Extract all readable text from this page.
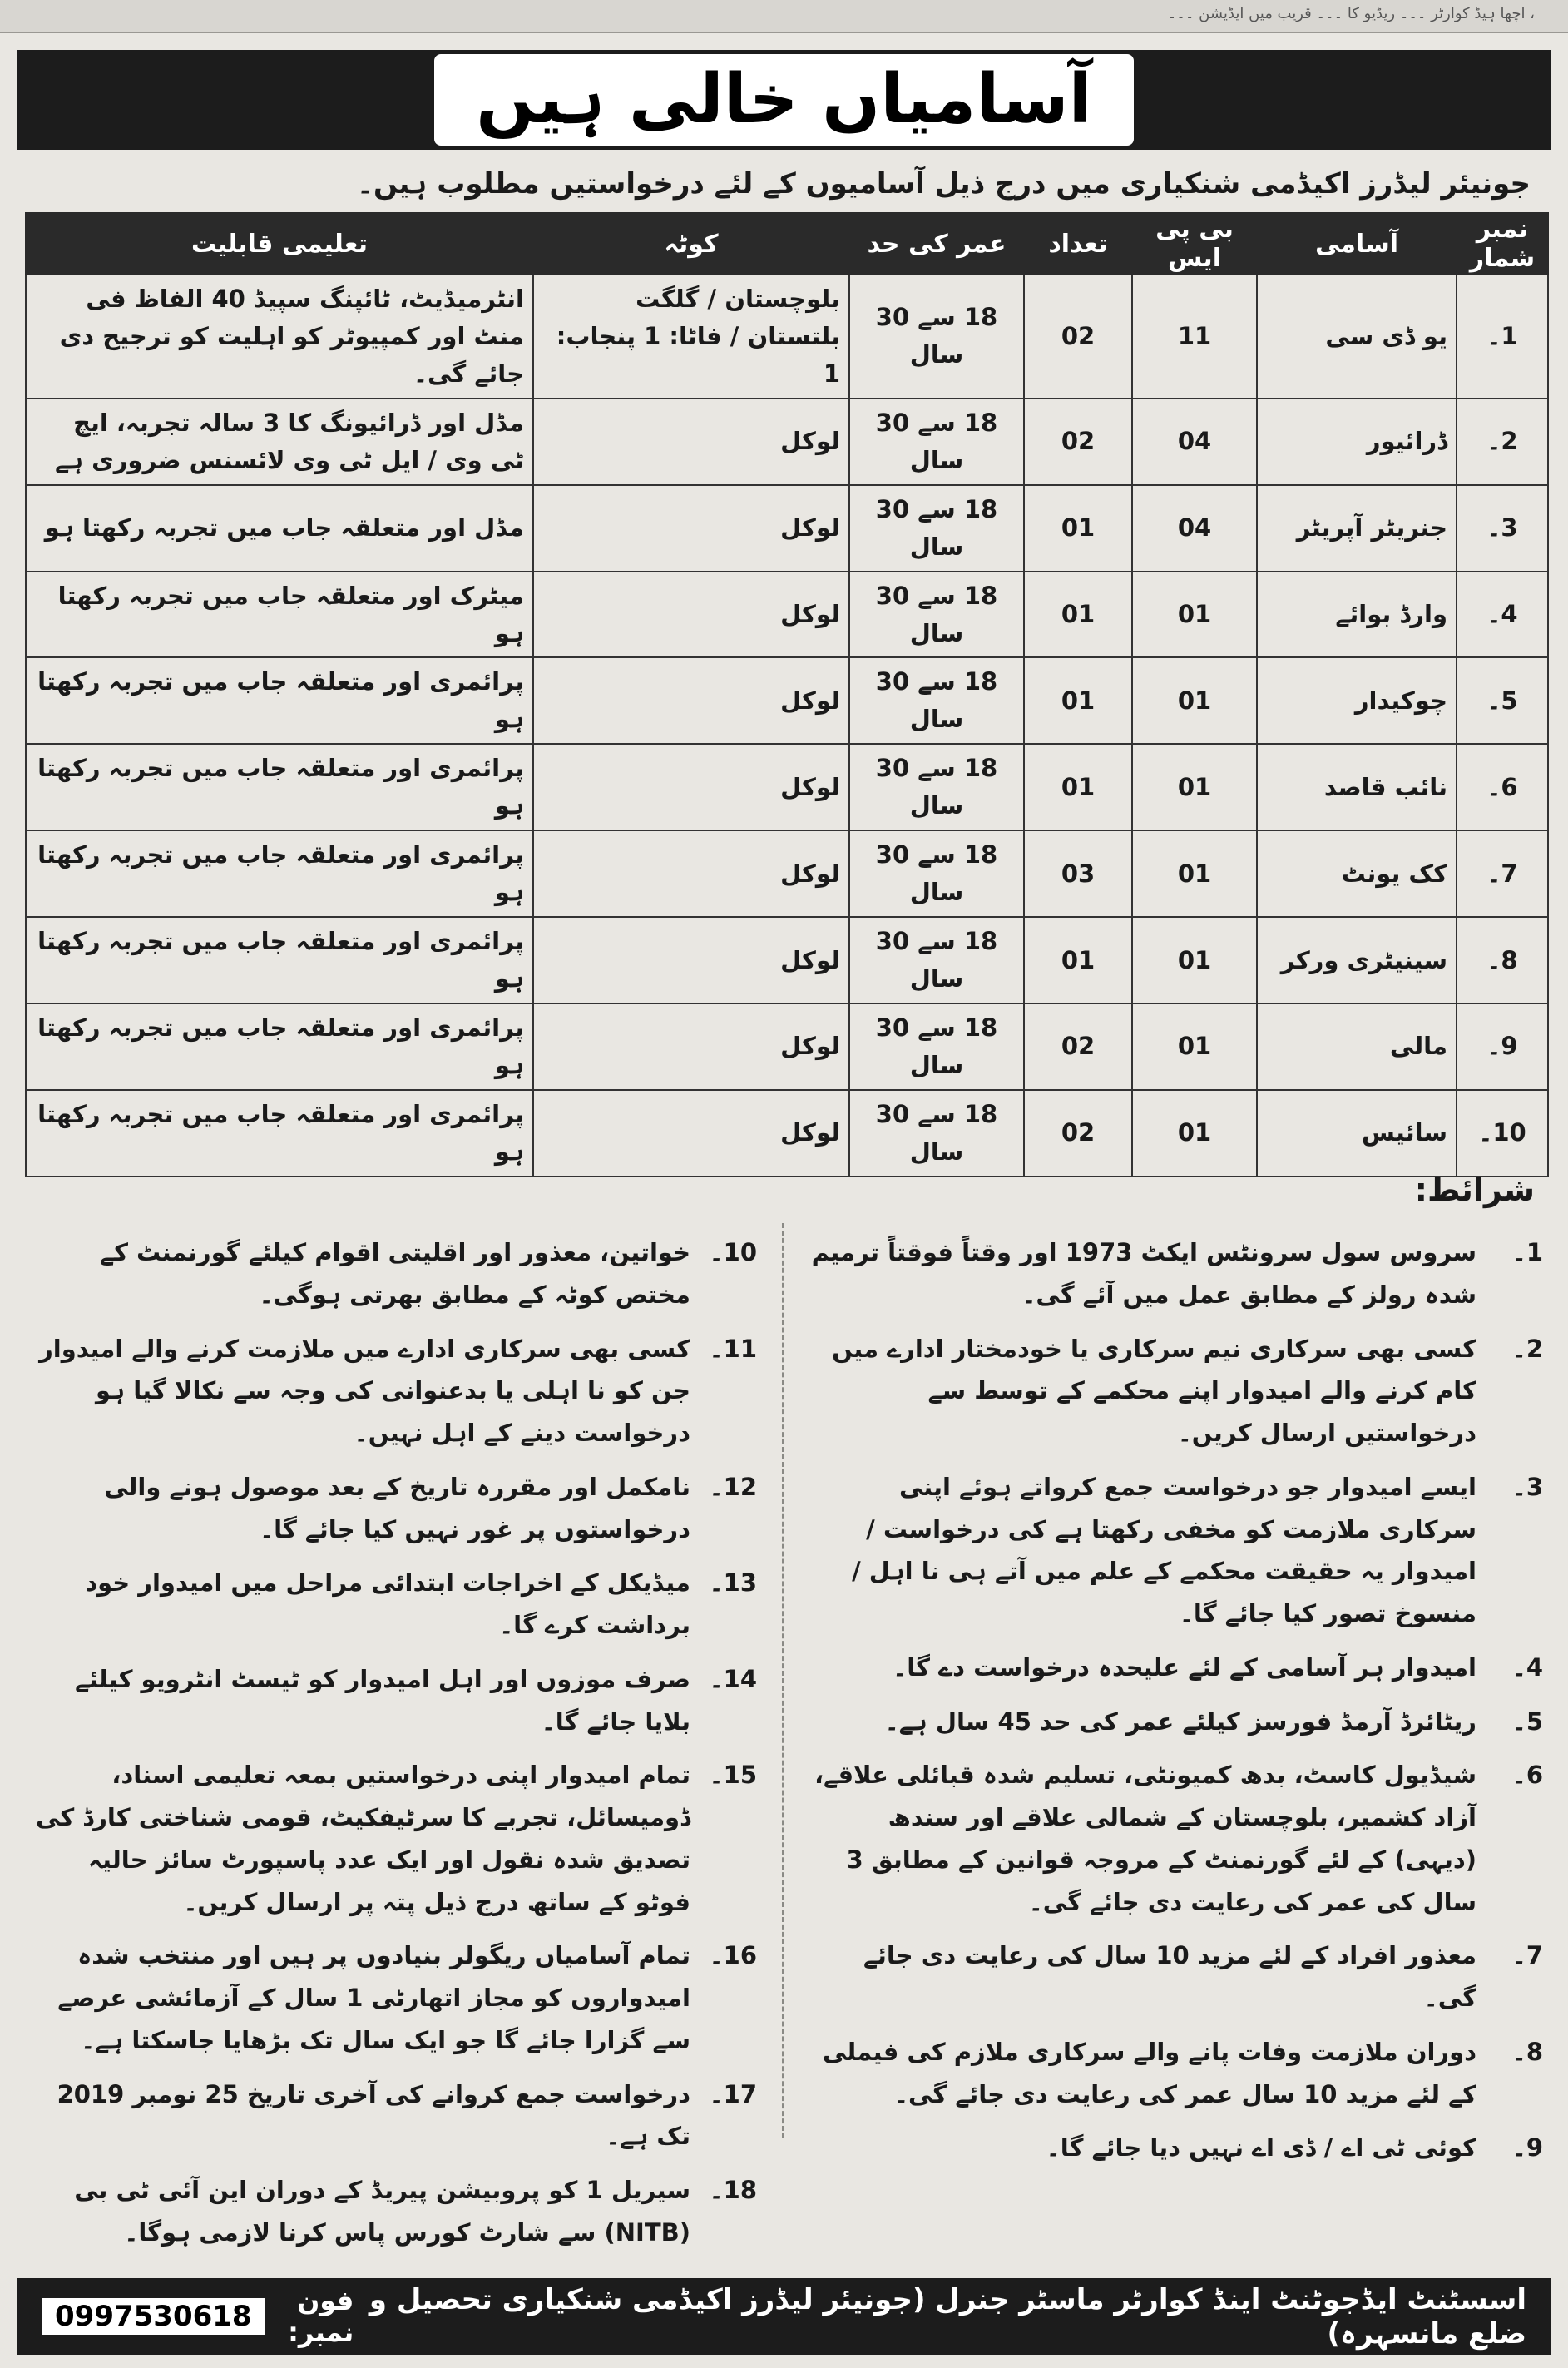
، اچھا ہیڈ کوارٹر ۔۔۔ ریڈیو کا ۔۔۔ قریب میں ایڈیشن ۔۔۔
آسامیاں خالی ہیں
جونیئر لیڈرز اکیڈمی شنکیاری میں درج ذیل آسامیوں کے لئے درخواستیں مطلوب ہیں۔
نمبر شمار	آسامی	بی پی ایس	تعداد	عمر کی حد	کوٹہ	تعلیمی قابلیت
1۔	یو ڈی سی	11	02	18 سے 30 سال	بلوچستان / گلگت بلتستان / فاٹا: 1 پنجاب: 1	انٹرمیڈیٹ، ٹائپنگ سپیڈ 40 الفاظ فی منٹ اور کمپیوٹر کو اہلیت کو ترجیح دی جائے گی۔
2۔	ڈرائیور	04	02	18 سے 30 سال	لوکل	مڈل اور ڈرائیونگ کا 3 سالہ تجربہ، ایچ ٹی وی / ایل ٹی وی لائسنس ضروری ہے
3۔	جنریٹر آپریٹر	04	01	18 سے 30 سال	لوکل	مڈل اور متعلقہ جاب میں تجربہ رکھتا ہو
4۔	وارڈ بوائے	01	01	18 سے 30 سال	لوکل	میٹرک اور متعلقہ جاب میں تجربہ رکھتا ہو
5۔	چوکیدار	01	01	18 سے 30 سال	لوکل	پرائمری اور متعلقہ جاب میں تجربہ رکھتا ہو
6۔	نائب قاصد	01	01	18 سے 30 سال	لوکل	پرائمری اور متعلقہ جاب میں تجربہ رکھتا ہو
7۔	کک یونٹ	01	03	18 سے 30 سال	لوکل	پرائمری اور متعلقہ جاب میں تجربہ رکھتا ہو
8۔	سینیٹری ورکر	01	01	18 سے 30 سال	لوکل	پرائمری اور متعلقہ جاب میں تجربہ رکھتا ہو
9۔	مالی	01	02	18 سے 30 سال	لوکل	پرائمری اور متعلقہ جاب میں تجربہ رکھتا ہو
10۔	سائیس	01	02	18 سے 30 سال	لوکل	پرائمری اور متعلقہ جاب میں تجربہ رکھتا ہو
شرائط:
1۔
سروس سول سرونٹس ایکٹ 1973 اور وقتاً فوقتاً ترمیم شدہ رولز کے مطابق عمل میں آئے گی۔
2۔
کسی بھی سرکاری نیم سرکاری یا خودمختار ادارے میں کام کرنے والے امیدوار اپنے محکمے کے توسط سے درخواستیں ارسال کریں۔
3۔
ایسے امیدوار جو درخواست جمع کرواتے ہوئے اپنی سرکاری ملازمت کو مخفی رکھتا ہے کی درخواست / امیدوار یہ حقیقت محکمے کے علم میں آتے ہی نا اہل / منسوخ تصور کیا جائے گا۔
4۔
امیدوار ہر آسامی کے لئے علیحدہ درخواست دے گا۔
5۔
ریٹائرڈ آرمڈ فورسز کیلئے عمر کی حد 45 سال ہے۔
6۔
شیڈیول کاسٹ، بدھ کمیونٹی، تسلیم شدہ قبائلی علاقے، آزاد کشمیر، بلوچستان کے شمالی علاقے اور سندھ (دیہی) کے لئے گورنمنٹ کے مروجہ قوانین کے مطابق 3 سال کی عمر کی رعایت دی جائے گی۔
7۔
معذور افراد کے لئے مزید 10 سال کی رعایت دی جائے گی۔
8۔
دوران ملازمت وفات پانے والے سرکاری ملازم کی فیملی کے لئے مزید 10 سال عمر کی رعایت دی جائے گی۔
9۔
کوئی ٹی اے / ڈی اے نہیں دیا جائے گا۔
10۔
خواتین، معذور اور اقلیتی اقوام کیلئے گورنمنٹ کے مختص کوٹہ کے مطابق بھرتی ہوگی۔
11۔
کسی بھی سرکاری ادارے میں ملازمت کرنے والے امیدوار جن کو نا اہلی یا بدعنوانی کی وجہ سے نکالا گیا ہو درخواست دینے کے اہل نہیں۔
12۔
نامکمل اور مقررہ تاریخ کے بعد موصول ہونے والی درخواستوں پر غور نہیں کیا جائے گا۔
13۔
میڈیکل کے اخراجات ابتدائی مراحل میں امیدوار خود برداشت کرے گا۔
14۔
صرف موزوں اور اہل امیدوار کو ٹیسٹ انٹرویو کیلئے بلایا جائے گا۔
15۔
تمام امیدوار اپنی درخواستیں بمعہ تعلیمی اسناد، ڈومیسائل، تجربے کا سرٹیفکیٹ، قومی شناختی کارڈ کی تصدیق شدہ نقول اور ایک عدد پاسپورٹ سائز حالیہ فوٹو کے ساتھ درج ذیل پتہ پر ارسال کریں۔
16۔
تمام آسامیاں ریگولر بنیادوں پر ہیں اور منتخب شدہ امیدواروں کو مجاز اتھارٹی 1 سال کے آزمائشی عرصے سے گزارا جائے گا جو ایک سال تک بڑھایا جاسکتا ہے۔
17۔
درخواست جمع کروانے کی آخری تاریخ 25 نومبر 2019 تک ہے۔
18۔
سیریل 1 کو پروبیشن پیریڈ کے دوران این آئی ٹی بی (NITB) سے شارٹ کورس پاس کرنا لازمی ہوگا۔
اسسٹنٹ ایڈجوٹنٹ اینڈ کوارٹر ماسٹر جنرل (جونیئر لیڈرز اکیڈمی شنکیاری تحصیل و ضلع مانسہرہ)
فون نمبر:
0997530618
